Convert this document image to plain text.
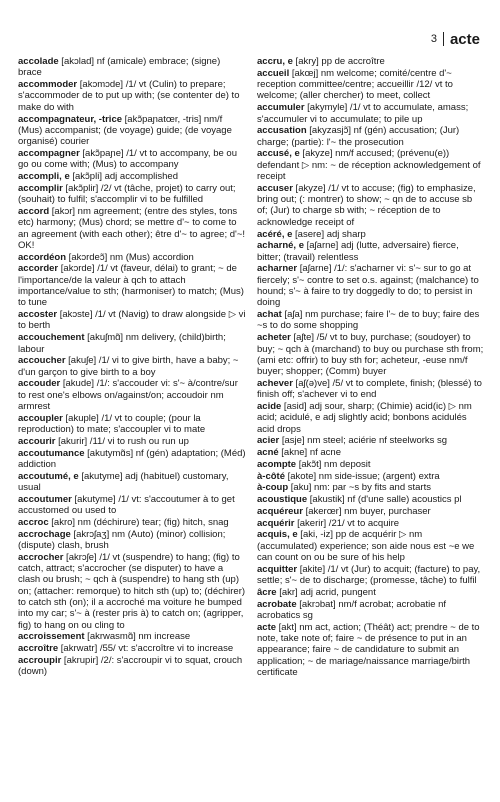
3 acte

accolade [akɔlad] nf (amicale) embrace; (signe) brace

accommoder [akɔmɔde] /1/ vt (Culin) to prepare; s'accommoder de to put up with; (se contenter de) to make do with

accompagnateur, -trice [akɔ̃paɲatœr, -tris] nm/f (Mus) accompanist; (de voyage) guide; (de voyage organisé) courier

accompagner [akɔ̃paɲe] /1/ vt to accompany, be ou go ou come with; (Mus) to accompany

accompli, e [akɔ̃pli] adj accomplished

accomplir [akɔ̃plir] /2/ vt (tâche, projet) to carry out; (souhait) to fulfil; s'accomplir vi to be fulfilled

accord [akɔr] nm agreement; (entre des styles, tons etc) harmony; (Mus) chord; se mettre d'~ to come to an agreement (with each other); être d'~ to agree; d'~! OK!

accordéon [akɔrdeɔ̃] nm (Mus) accordion

accorder [akɔrde] /1/ vt (faveur, délai) to grant; ~ de l'importance/de la valeur à qch to attach importance/value to sth; (harmoniser) to match; (Mus) to tune

accoster [akɔste] /1/ vt (Navig) to draw alongside ▷ vi to berth

accouchement [akuʃmɑ̃] nm delivery, (child)birth; labour

accoucher [akuʃe] /1/ vi to give birth, have a baby; ~ d'un garçon to give birth to a boy

accouder [akude] /1/: s'accouder vi: s'~ à/contre/sur to rest one's elbows on/against/on; accoudoir nm armrest

accoupler [akuple] /1/ vt to couple; (pour la reproduction) to mate; s'accoupler vi to mate

accourir [akurir] /11/ vi to rush ou run up

accoutumance [akutymɑ̃s] nf (gén) adaptation; (Méd) addiction

accoutumé, e [akutyme] adj (habituel) customary, usual

accoutumer [akutyme] /1/ vt: s'accoutumer à to get accustomed ou used to

accroc [akro] nm (déchirure) tear; (fig) hitch, snag

accrochage [akrɔʃaʒ] nm (Auto) (minor) collision; (dispute) clash, brush

accrocher [akrɔʃe] /1/ vt (suspendre) to hang; (fig) to catch, attract; s'accrocher (se disputer) to have a clash ou brush; ~ qch à (suspendre) to hang sth (up) on; (attacher: remorque) to hitch sth (up) to; (déchirer) to catch sth (on); il a accroché ma voiture he bumped into my car; s'~ à (rester pris à) to catch on; (agripper, fig) to hang on ou cling to

accroissement [akrwasmɑ̃] nm increase

accroître [akrwatr] /55/ vt: s'accroître vi to increase

accroupir [akrupir] /2/: s'accroupir vi to squat, crouch (down)

accru, e [akry] pp de accroître

accueil [akœj] nm welcome; comité/centre d'~ reception committee/centre; accueillir /12/ vt to welcome; (aller chercher) to meet, collect

accumuler [akymyle] /1/ vt to accumulate, amass; s'accumuler vi to accumulate; to pile up

accusation [akyzasjɔ̃] nf (gén) accusation; (Jur) charge; (partie): l'~ the prosecution

accusé, e [akyze] nm/f accused; (prévenu(e)) defendant ▷ nm: ~ de réception acknowledgement of receipt

accuser [akyze] /1/ vt to accuse; (fig) to emphasize, bring out; (: montrer) to show; ~ qn de to accuse sb of; (Jur) to charge sb with; ~ réception de to acknowledge receipt of

acéré, e [asere] adj sharp

acharné, e [aʃarne] adj (lutte, adversaire) fierce, bitter; (travail) relentless

acharner [aʃarne] /1/: s'acharner vi: s'~ sur to go at fiercely; s'~ contre to set o.s. against; (malchance) to hound; s'~ à faire to try doggedly to do; to persist in doing

achat [aʃa] nm purchase; faire l'~ de to buy; faire des ~s to do some shopping

acheter [aʃte] /5/ vt to buy, purchase; (soudoyer) to buy; ~ qch à (marchand) to buy ou purchase sth from; (ami etc: offrir) to buy sth for; acheteur, -euse nm/f buyer; shopper; (Comm) buyer

achever [aʃ(ə)ve] /5/ vt to complete, finish; (blessé) to finish off; s'achever vi to end

acide [asid] adj sour, sharp; (Chimie) acid(ic) ▷ nm acid; acidulé, e adj slightly acid; bonbons acidulés acid drops

acier [asje] nm steel; aciérie nf steelworks sg

acné [akne] nf acne

acompte [akɔ̃t] nm deposit

à-côté [akote] nm side-issue; (argent) extra

à-coup [aku] nm: par ~s by fits and starts

acoustique [akustik] nf (d'une salle) acoustics pl

acquéreur [akerœr] nm buyer, purchaser

acquérir [akerir] /21/ vt to acquire

acquis, e [aki, -iz] pp de acquérir ▷ nm (accumulated) experience; son aide nous est ~e we can count on ou be sure of his help

acquitter [akite] /1/ vt (Jur) to acquit; (facture) to pay, settle; s'~ de to discharge; (promesse, tâche) to fulfil

âcre [akr] adj acrid, pungent

acrobate [akrɔbat] nm/f acrobat; acrobatie nf acrobatics sg

acte [akt] nm act, action; (Théât) act; prendre ~ de to note, take note of; faire ~ de présence to put in an appearance; faire ~ de candidature to submit an application; ~ de mariage/naissance marriage/birth certificate
